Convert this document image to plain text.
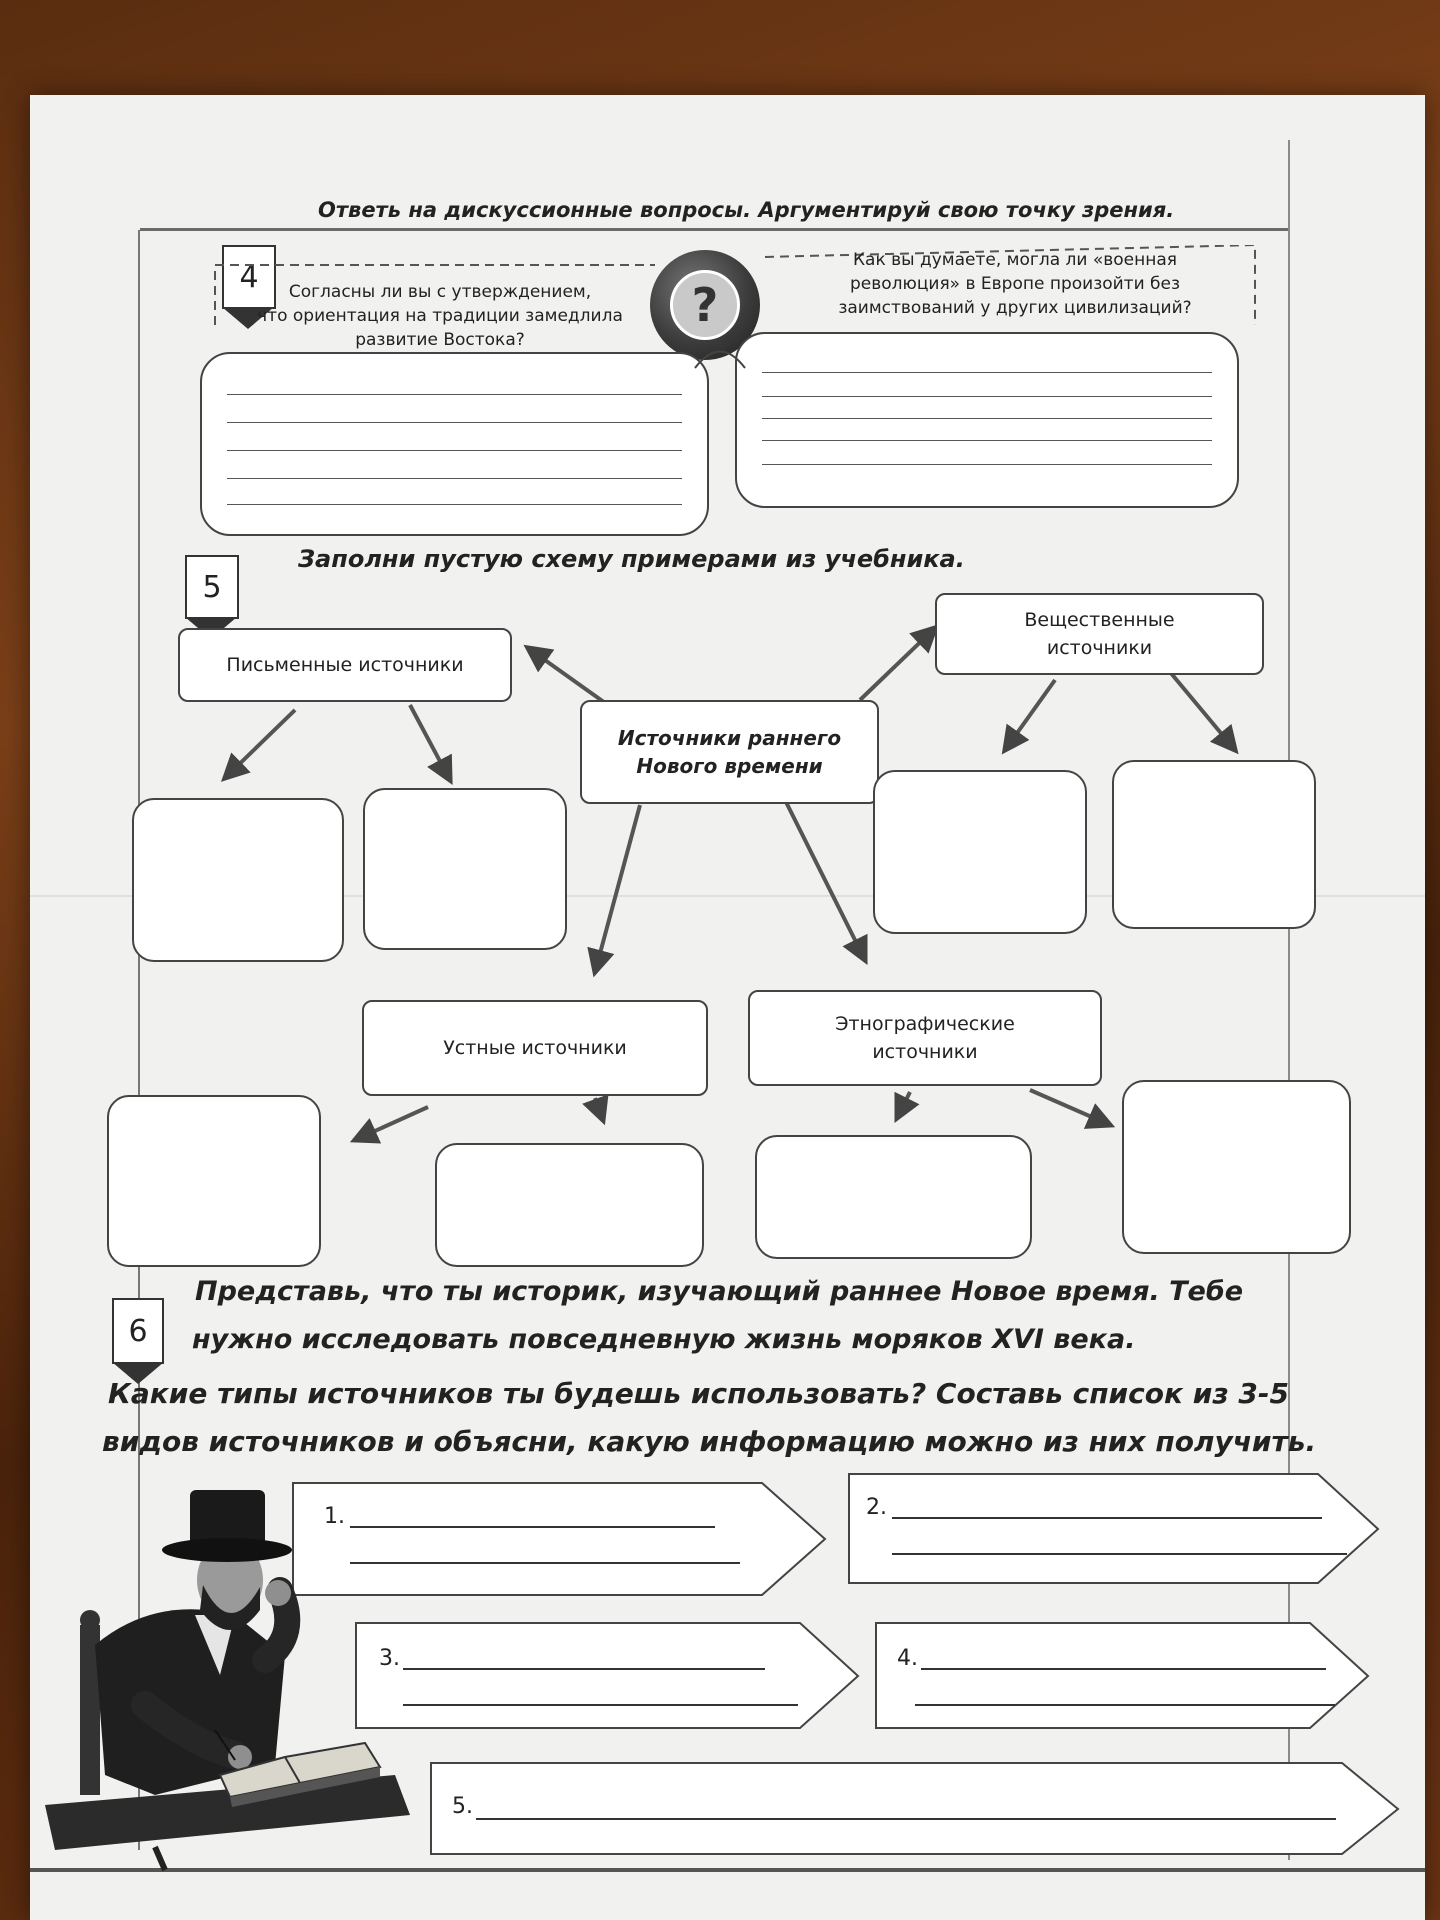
4
Ответь на дискуссионные вопросы. Аргументируй свою точку зрения.
Согласны ли вы с утверждением,
что ориентация на традиции замедлила
развитие Востока?
Как вы думаете, могла ли «военная
революция» в Европе произойти без
заимствований у других цивилизаций?
?
5
Заполни пустую схему примерами из учебника.
Письменные источники
Вещественные
источники
Источники раннего
Нового времени
Устные источники
Этнографические
источники
6
Представь, что ты историк, изучающий раннее Новое время. Тебе
нужно исследовать повседневную жизнь моряков XVI века.
Какие типы источников ты будешь использовать? Составь список из 3-5
видов источников и объясни, какую информацию можно из них получить.
1.	2.
3.	4.
5.
